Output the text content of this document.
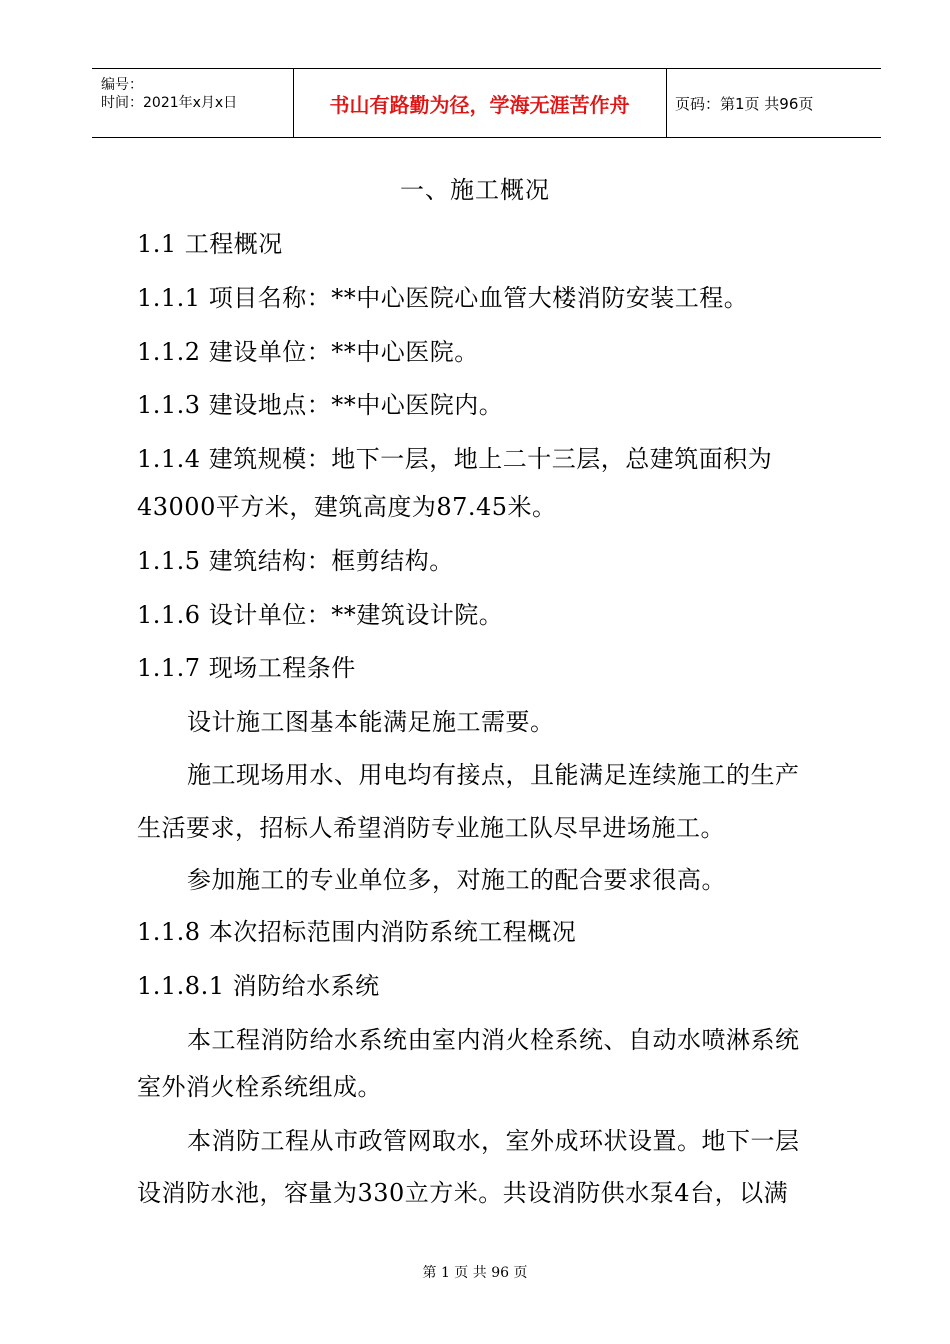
编号：
时间：2021年x月x日	书山有路勤为径，学海无涯苦作舟	页码：第1页 共96页
一、施工概况
1.1 工程概况
1.1.1 项目名称：**中心医院心血管大楼消防安装工程。
1.1.2 建设单位：**中心医院。
1.1.3 建设地点：**中心医院内。
1.1.4 建筑规模：地下一层，地上二十三层，总建筑面积为
43000平方米，建筑高度为87.45米。
1.1.5 建筑结构：框剪结构。
1.1.6 设计单位：**建筑设计院。
1.1.7 现场工程条件
设计施工图基本能满足施工需要。
施工现场用水、用电均有接点，且能满足连续施工的生产
生活要求，招标人希望消防专业施工队尽早进场施工。
参加施工的专业单位多，对施工的配合要求很高。
1.1.8 本次招标范围内消防系统工程概况
1.1.8.1 消防给水系统
本工程消防给水系统由室内消火栓系统、自动水喷淋系统
室外消火栓系统组成。
本消防工程从市政管网取水，室外成环状设置。地下一层
设消防水池，容量为330立方米。共设消防供水泵4台，以满
第 1 页 共 96 页
